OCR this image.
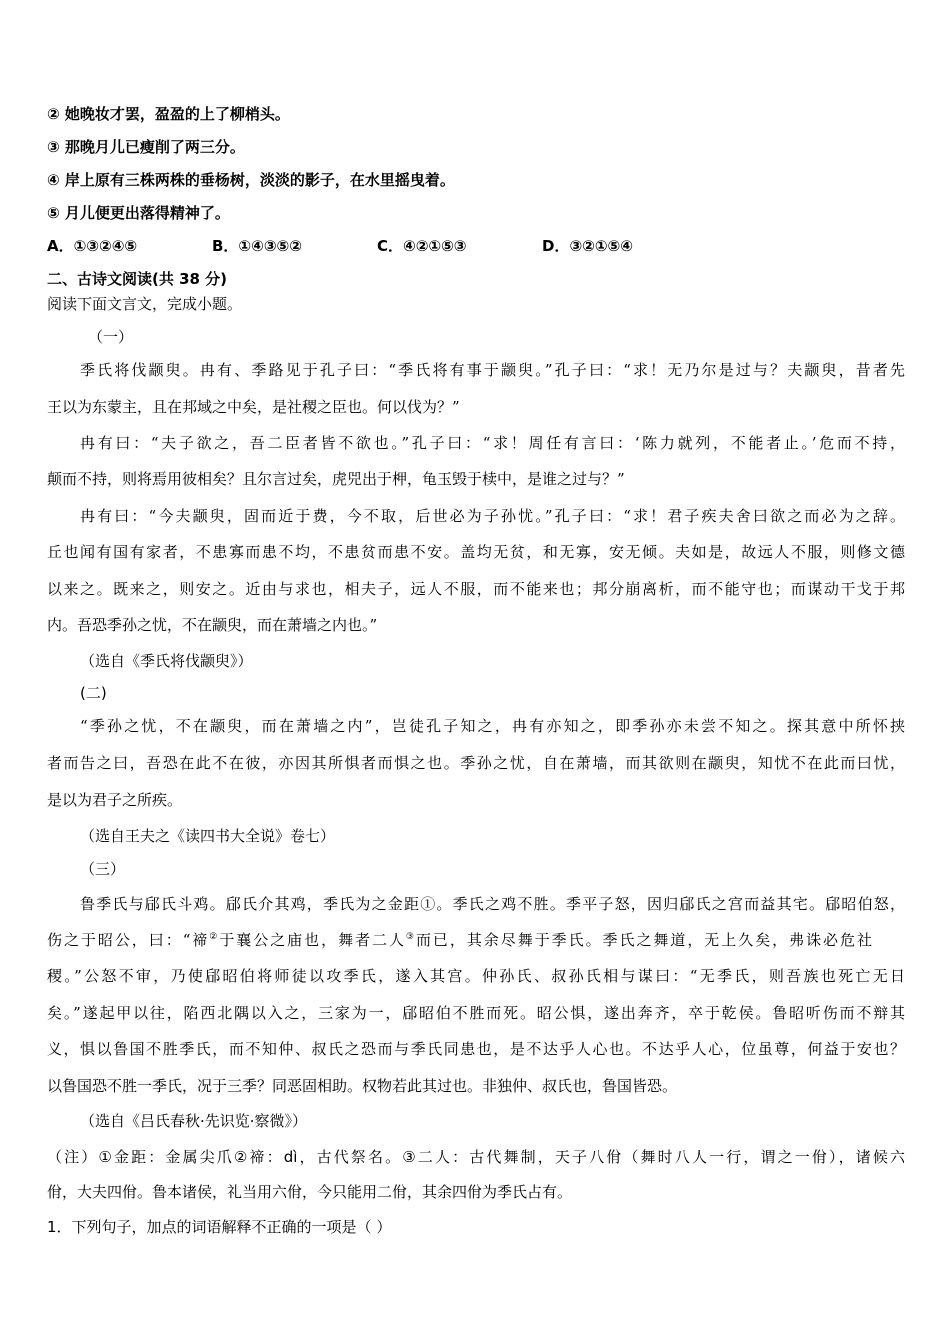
② 她晚妆才罢，盈盈的上了柳梢头。
③ 那晚月儿已瘦削了两三分。
④ 岸上原有三株两株的垂杨树，淡淡的影子，在水里摇曳着。
⑤ 月儿便更出落得精神了。
A．①③②④⑤	B．①④③⑤②	C．④②①⑤③	D．③②①⑤④
二、古诗文阅读(共 38 分)
阅读下面文言文，完成小题。
（一）
季氏将伐颛臾。冉有、季路见于孔子曰：“季氏将有事于颛臾。”孔子曰：“求！无乃尔是过与？夫颛臾，昔者先
王以为东蒙主，且在邦域之中矣，是社稷之臣也。何以伐为？”
冉有曰：“夫子欲之，吾二臣者皆不欲也。”孔子曰：“求！周任有言曰：‘陈力就列，不能者止。’危而不持，
颠而不持，则将焉用彼相矣？且尔言过矣，虎兕出于柙，龟玉毁于椟中，是谁之过与？”
冉有曰：“今夫颛臾，固而近于费，今不取，后世必为子孙忧。”孔子曰：“求！君子疾夫舍曰欲之而必为之辞。
丘也闻有国有家者，不患寡而患不均，不患贫而患不安。盖均无贫，和无寡，安无倾。夫如是，故远人不服，则修文德
以来之。既来之，则安之。近由与求也，相夫子，远人不服，而不能来也；邦分崩离析，而不能守也；而谋动干戈于邦
内。吾恐季孙之忧，不在颛臾，而在萧墙之内也。”
（选自《季氏将伐颛臾》）
(二)
“季孙之忧，不在颛臾，而在萧墙之内”，岂徒孔子知之，冉有亦知之，即季孙亦未尝不知之。探其意中所怀挟
者而告之曰，吾恐在此不在彼，亦因其所惧者而惧之也。季孙之忧，自在萧墙，而其欲则在颛臾，知忧不在此而曰忧，
是以为君子之所疾。
（选自王夫之《读四书大全说》卷七）
（三）
鲁季氏与郈氏斗鸡。郈氏介其鸡，季氏为之金距①。季氏之鸡不胜。季平子怒，因归郈氏之宫而益其宅。郈昭伯怒，
伤之于昭公，曰：“禘②于襄公之庙也，舞者二人③而已，其余尽舞于季氏。季氏之舞道，无上久矣，弗诛必危社
稷。”公怒不审，乃使郈昭伯将师徒以攻季氏，遂入其宫。仲孙氏、叔孙氏相与谋曰：“无季氏，则吾族也死亡无日
矣。”遂起甲以往，陷西北隅以入之，三家为一，郈昭伯不胜而死。昭公惧，遂出奔齐，卒于乾侯。鲁昭听伤而不辩其
义，惧以鲁国不胜季氏，而不知仲、叔氏之恐而与季氏同患也，是不达乎人心也。不达乎人心，位虽尊，何益于安也？
以鲁国恐不胜一季氏，况于三季？同恶固相助。权物若此其过也。非独仲、叔氏也，鲁国皆恐。
（选自《吕氏春秋·先识览·察微》）
（注）①金距：金属尖爪②禘：dì，古代祭名。③二人：古代舞制，天子八佾（舞时八人一行，谓之一佾），诸候六
佾，大夫四佾。鲁本诸侯，礼当用六佾，今只能用二佾，其余四佾为季氏占有。
1．下列句子，加点的词语解释不正确的一项是（ ）
